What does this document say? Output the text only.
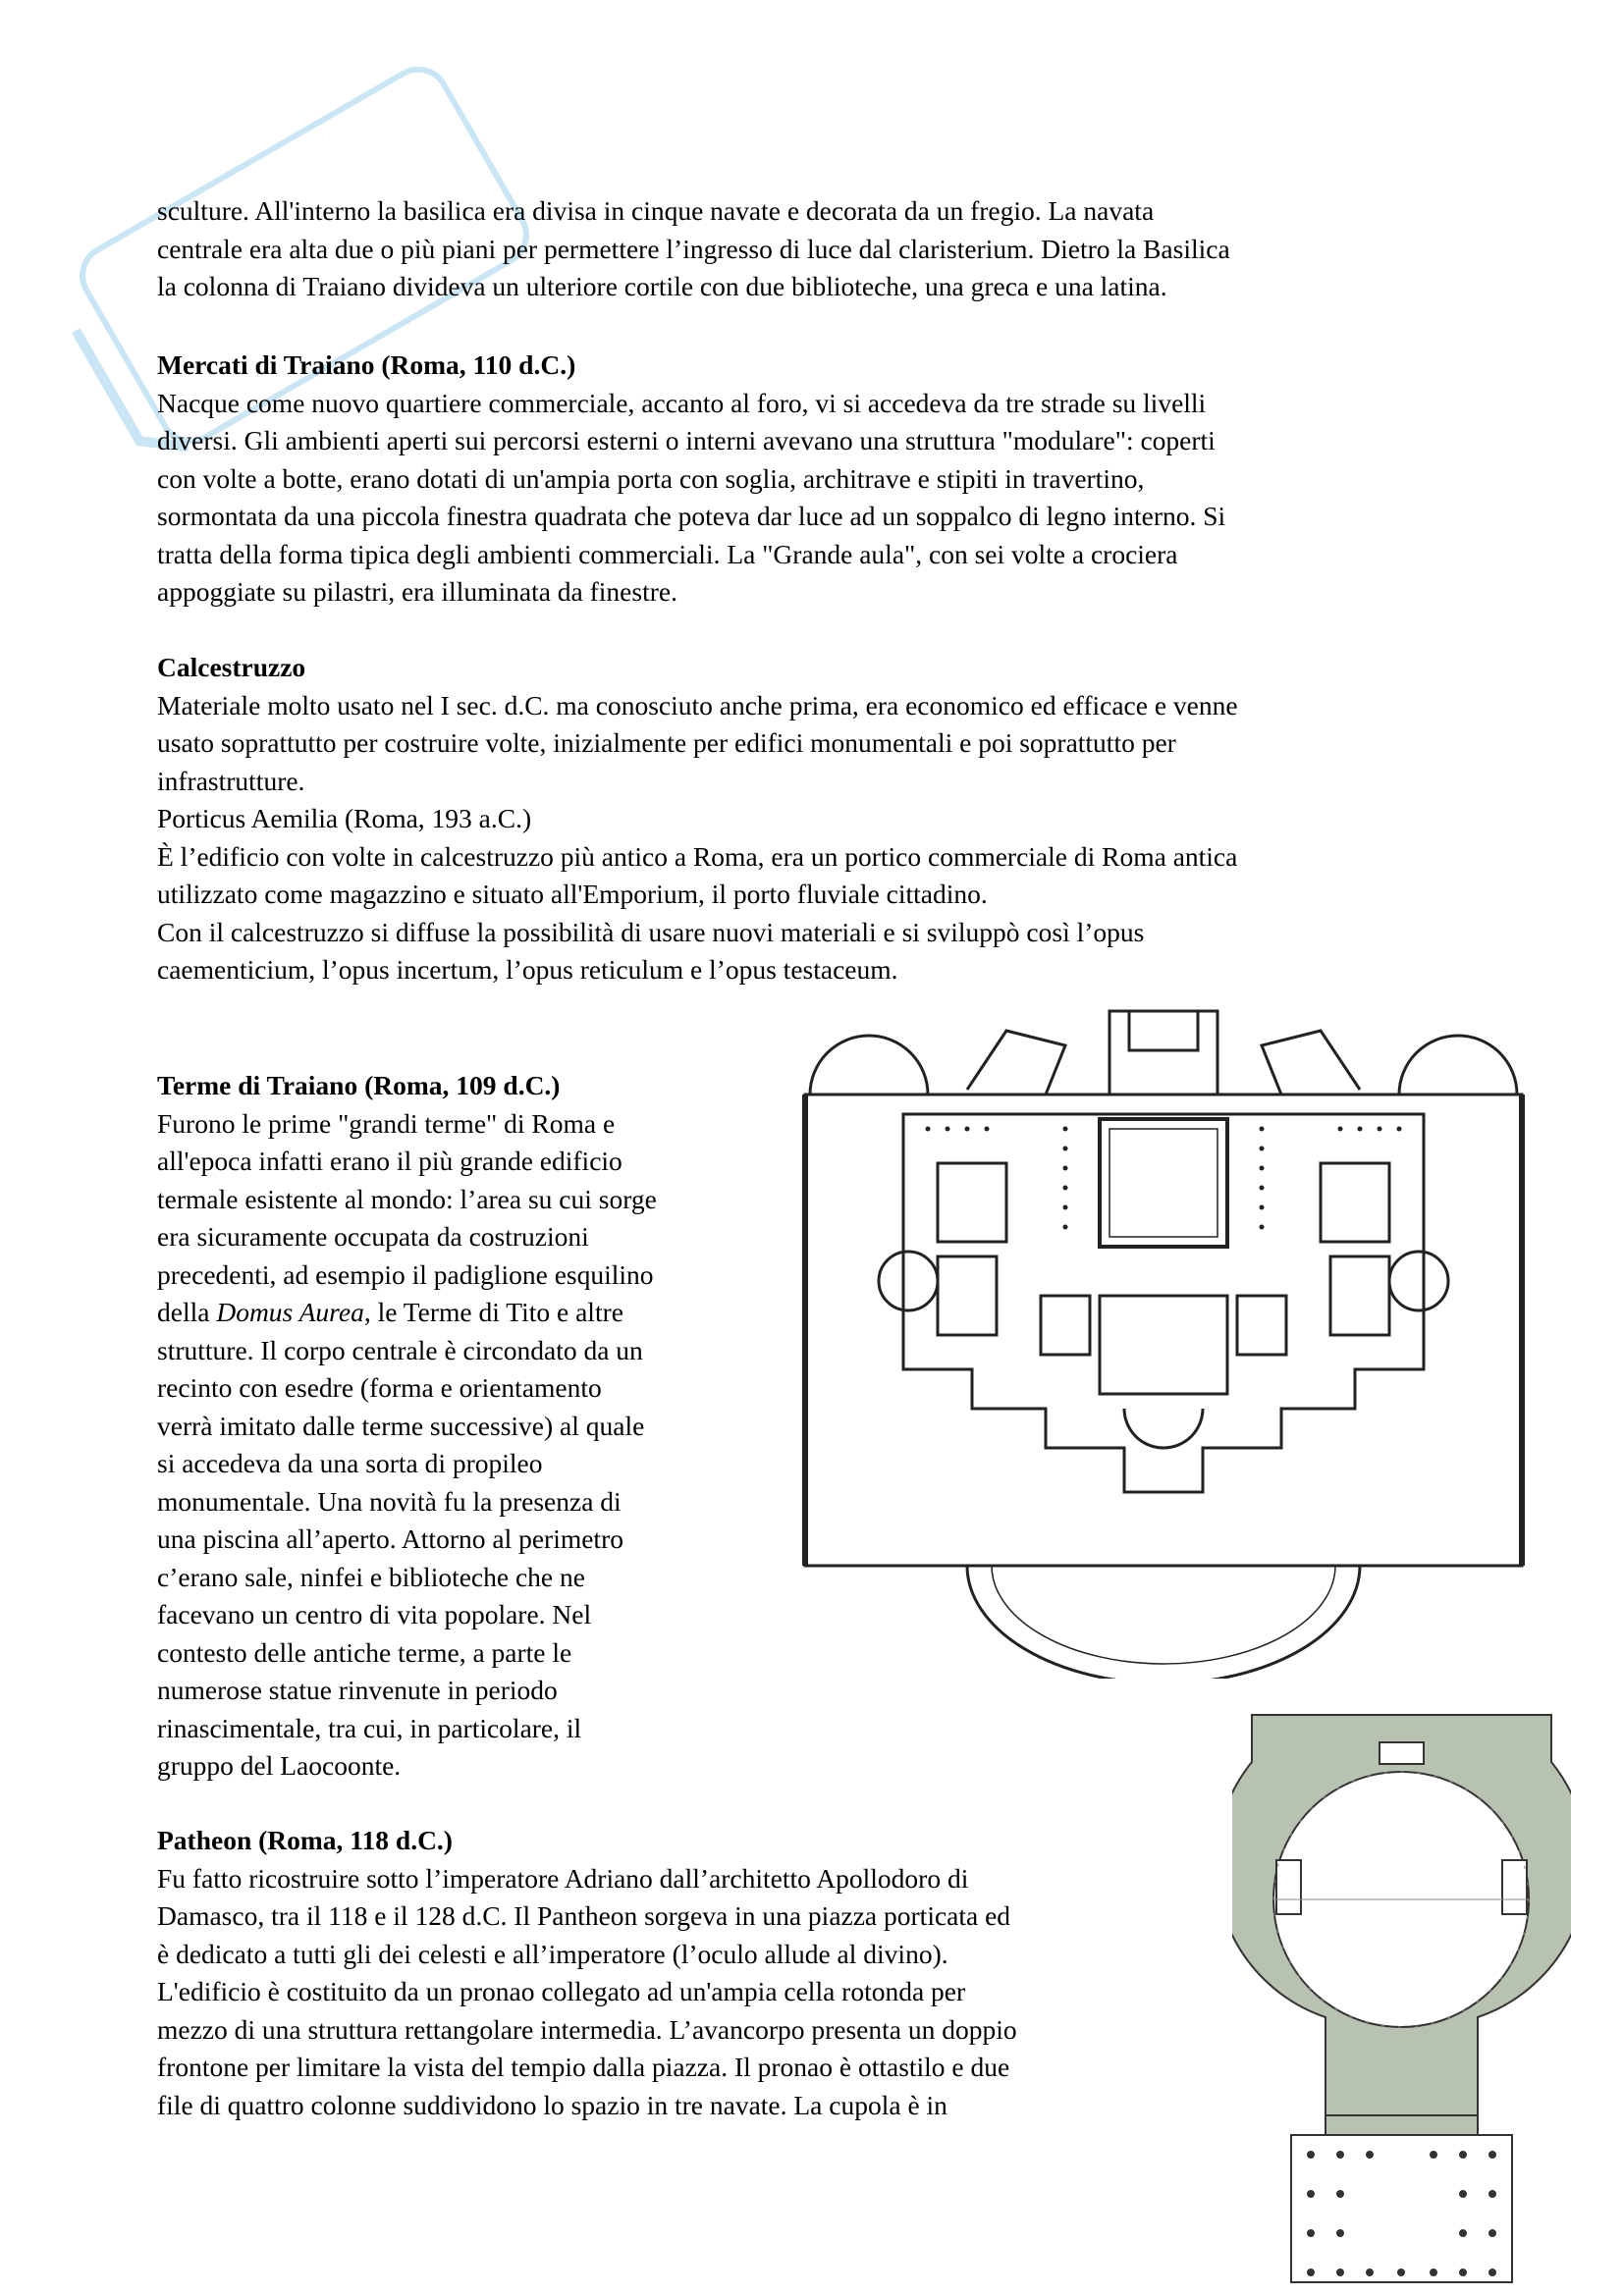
sculture. All'interno la basilica era divisa in cinque navate e decorata da un fregio. La navata
centrale era alta due o più piani per permettere l’ingresso di luce dal claristerium. Dietro la Basilica
la colonna di Traiano divideva un ulteriore cortile con due biblioteche, una greca e una latina.

Mercati di Traiano (Roma, 110 d.C.)
Nacque come nuovo quartiere commerciale, accanto al foro, vi si accedeva da tre strade su livelli
diversi. Gli ambienti aperti sui percorsi esterni o interni avevano una struttura "modulare": coperti
con volte a botte, erano dotati di un'ampia porta con soglia, architrave e stipiti in travertino,
sormontata da una piccola finestra quadrata che poteva dar luce ad un soppalco di legno interno. Si
tratta della forma tipica degli ambienti commerciali. La "Grande aula", con sei volte a crociera
appoggiate su pilastri, era illuminata da finestre.

Calcestruzzo
Materiale molto usato nel I sec. d.C. ma conosciuto anche prima, era economico ed efficace e venne
usato soprattutto per costruire volte, inizialmente per edifici monumentali e poi soprattutto per
infrastrutture.
Porticus Aemilia (Roma, 193 a.C.)
È l’edificio con volte in calcestruzzo più antico a Roma, era un portico commerciale di Roma antica
utilizzato come magazzino e situato all'Emporium, il porto fluviale cittadino.
Con il calcestruzzo si diffuse la possibilità di usare nuovi materiali e si sviluppò così l’opus
caementicium, l’opus incertum, l’opus reticulum e l’opus testaceum.

Terme di Traiano (Roma, 109 d.C.)
Furono le prime "grandi terme" di Roma e
all'epoca infatti erano il più grande edificio
termale esistente al mondo: l’area su cui sorge
era sicuramente occupata da costruzioni
precedenti, ad esempio il padiglione esquilino
della Domus Aurea, le Terme di Tito e altre
strutture. Il corpo centrale è circondato da un
recinto con esedre (forma e orientamento
verrà imitato dalle terme successive) al quale
si accedeva da una sorta di propileo
monumentale. Una novità fu la presenza di
una piscina all’aperto. Attorno al perimetro
c’erano sale, ninfei e biblioteche che ne
facevano un centro di vita popolare. Nel
contesto delle antiche terme, a parte le
numerose statue rinvenute in periodo
rinascimentale, tra cui, in particolare, il
gruppo del Laocoonte.

Patheon (Roma, 118 d.C.)
Fu fatto ricostruire sotto l’imperatore Adriano dall’architetto Apollodoro di
Damasco, tra il 118 e il 128 d.C. Il Pantheon sorgeva in una piazza porticata ed
è dedicato a tutti gli dei celesti e all’imperatore (l’oculo allude al divino).
L'edificio è costituito da un pronao collegato ad un'ampia cella rotonda per
mezzo di una struttura rettangolare intermedia. L’avancorpo presenta un doppio
frontone per limitare la vista del tempio dalla piazza. Il pronao è ottastilo e due
file di quattro colonne suddividono lo spazio in tre navate. La cupola è in
